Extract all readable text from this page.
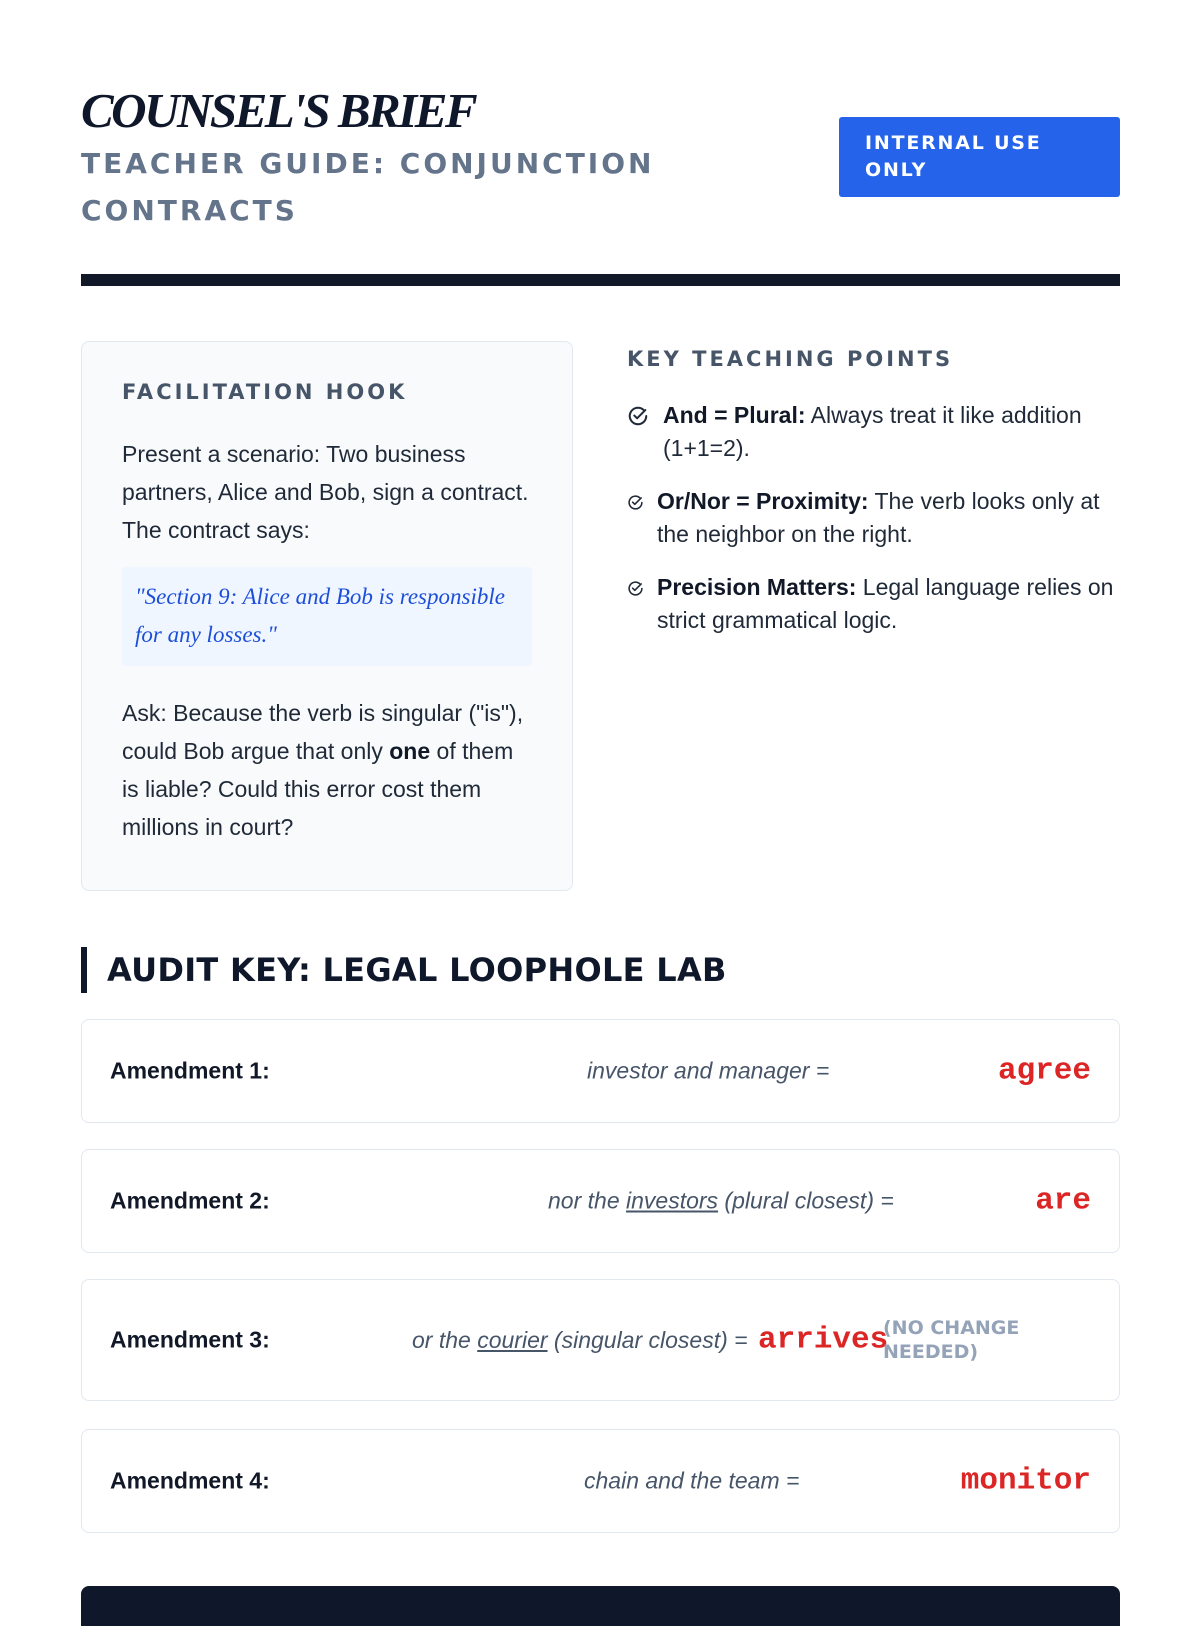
COUNSEL'S BRIEF
TEACHER GUIDE: CONJUNCTION CONTRACTS
INTERNAL USE ONLY
FACILITATION HOOK

Present a scenario: Two business partners, Alice and Bob, sign a contract. The contract says:

"Section 9: Alice and Bob is responsible for any losses."

Ask: Because the verb is singular ("is"), could Bob argue that only one of them is liable? Could this error cost them millions in court?

KEY TEACHING POINTS
And = Plural: Always treat it like addition (1+1=2).
Or/Nor = Proximity: The verb looks only at the neighbor on the right.
Precision Matters: Legal language relies on strict grammatical logic.
AUDIT KEY: LEGAL LOOPHOLE LAB
Amendment 1:	investor and manager =	agree
Amendment 2:	nor the investors (plural closest) =	are
Amendment 3:	or the courier (singular closest) = arrives
(NO CHANGE NEEDED)
Amendment 4:	chain and the team =	monitor
